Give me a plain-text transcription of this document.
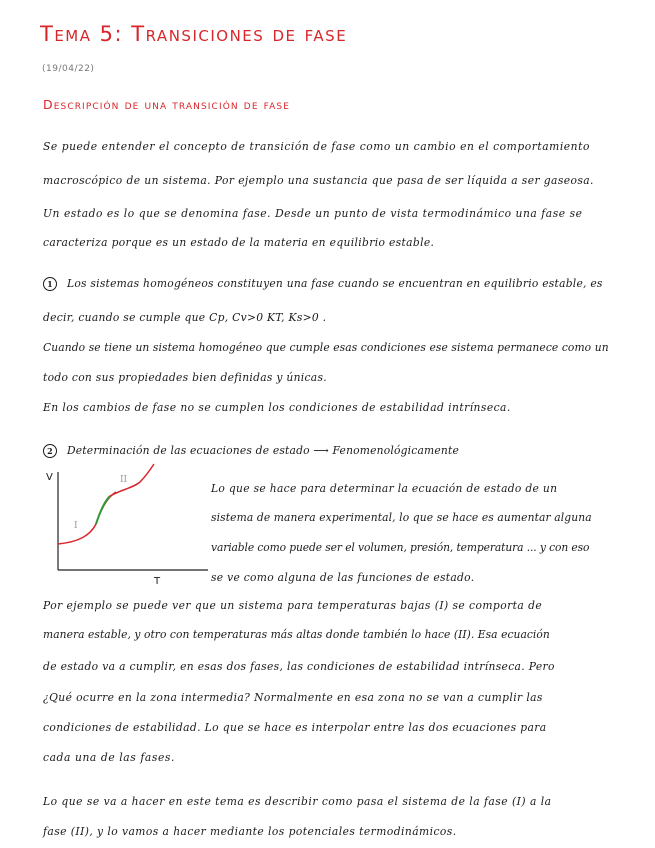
Tema 5: Transiciones de fase
(19/04/22)
Descripción de una transición de fase
Se puede entender el concepto de transición de fase como un cambio en el comportamiento
macroscópico de un sistema. Por ejemplo una sustancia que pasa de ser líquida a ser gaseosa.
Un estado es lo que se denomina fase. Desde un punto de vista termodinámico una fase se
caracteriza porque es un estado de la materia en equilibrio estable.
1 Los sistemas homogéneos constituyen una fase cuando se encuentran en equilibrio estable, es
decir, cuando se cumple que Cp, Cv>0 KT, Ks>0 .
Cuando se tiene un sistema homogéneo que cumple esas condiciones ese sistema permanece como un
todo con sus propiedades bien definidas y únicas.
En los cambios de fase no se cumplen los condiciones de estabilidad intrínseca.
2 Determinación de las ecuaciones de estado ⟶ Fenomenológicamente
V
T
I
II
Lo que se hace para determinar la ecuación de estado de un
sistema de manera experimental, lo que se hace es aumentar alguna
variable como puede ser el volumen, presión, temperatura ... y con eso
se ve como alguna de las funciones de estado.
Por ejemplo se puede ver que un sistema para temperaturas bajas (I) se comporta de
manera estable, y otro con temperaturas más altas donde también lo hace (II). Esa ecuación
de estado va a cumplir, en esas dos fases, las condiciones de estabilidad intrínseca. Pero
¿Qué ocurre en la zona intermedia? Normalmente en esa zona no se van a cumplir las
condiciones de estabilidad. Lo que se hace es interpolar entre las dos ecuaciones para
cada una de las fases.
Lo que se va a hacer en este tema es describir como pasa el sistema de la fase (I) a la
fase (II), y lo vamos a hacer mediante los potenciales termodinámicos.
